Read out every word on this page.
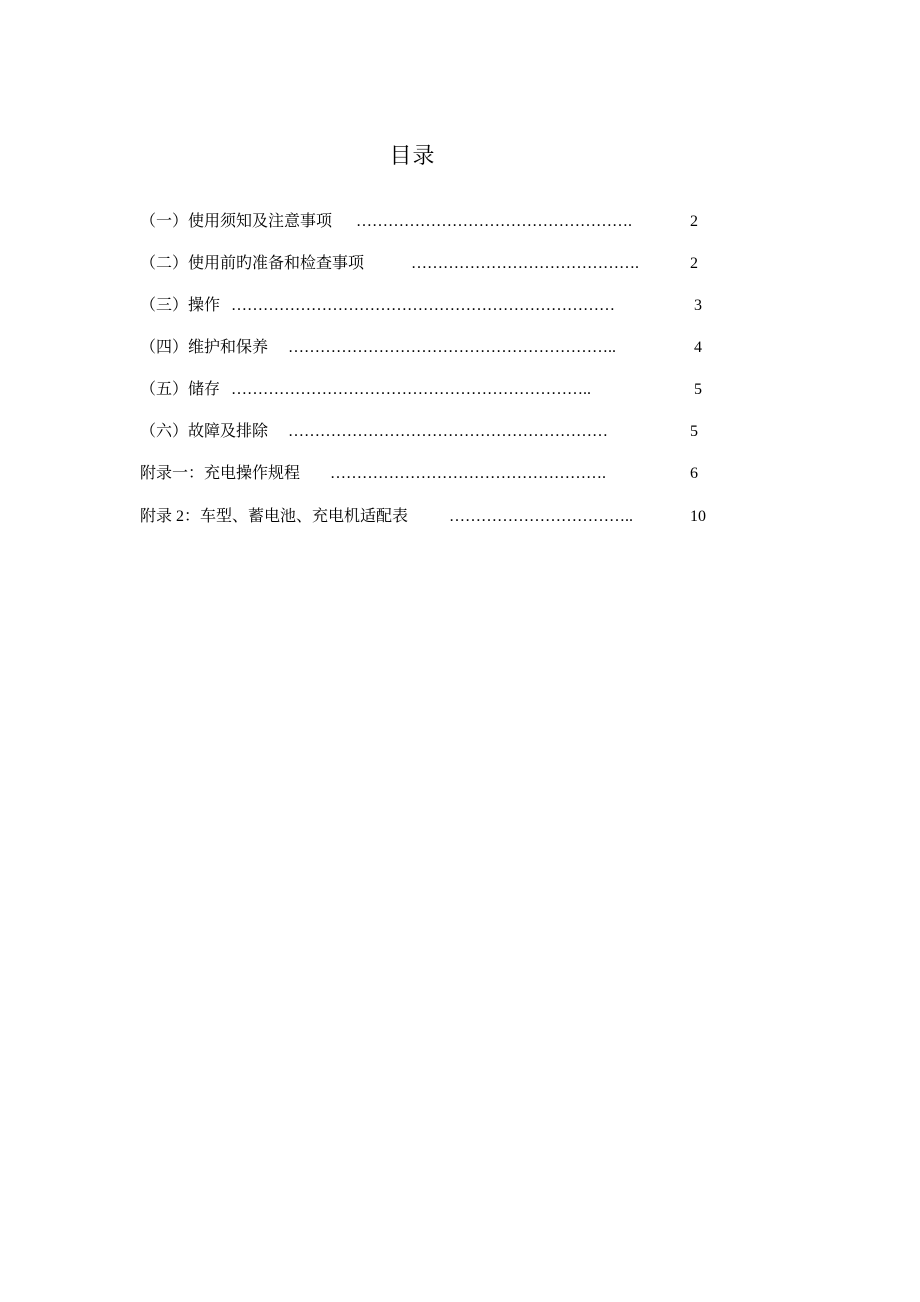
目录
（一）使用须知及注意事项 …………………………………………….	2
（二）使用前旳准备和检查事项	…………………………………….	2
（三）操作 ………………………………………………………………	3
（四）维护和保养 ……………………………………………………..	4
（五）储存 …………………………………………………………..	5
（六）故障及排除 ……………………………………………………	5
附录一：充电操作规程 …………………………………………….	6
附录 2：车型、蓄电池、充电机适配表	……………………………..	10
